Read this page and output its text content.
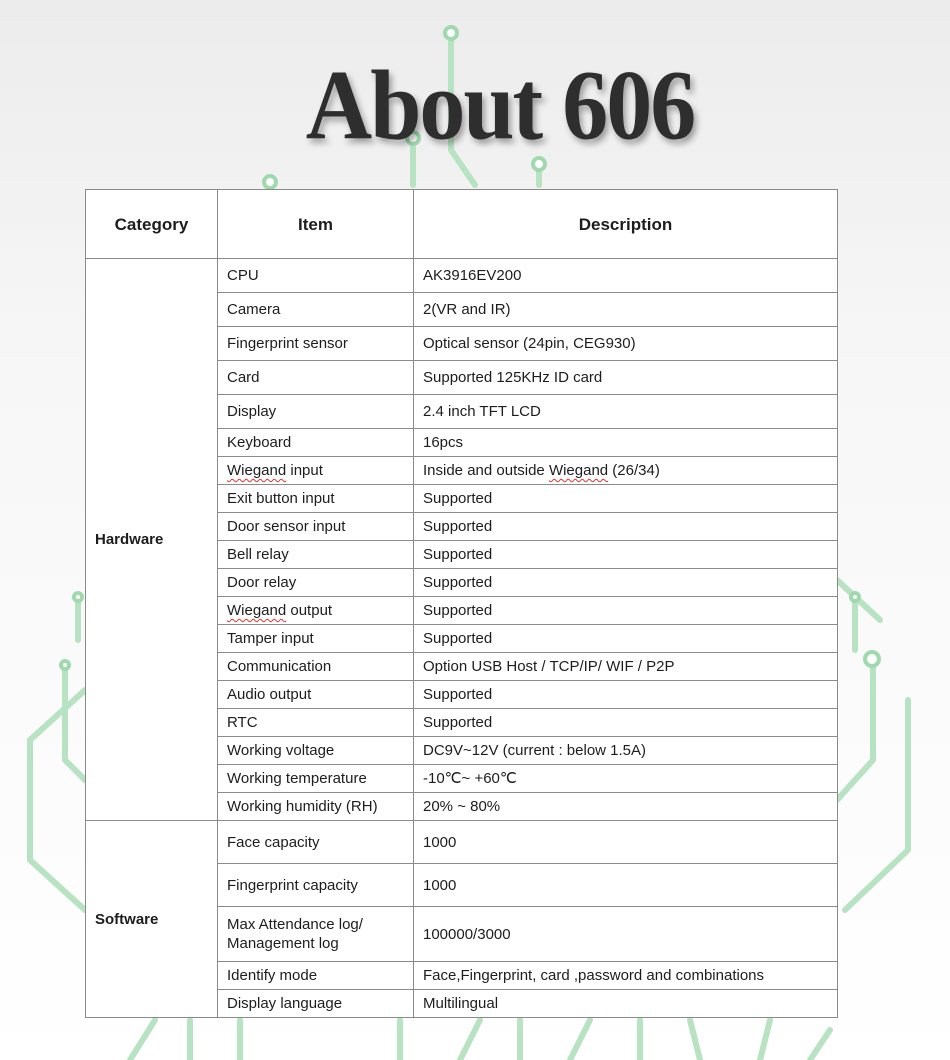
About 606
Category	Item	Description
Hardware	CPU	AK3916EV200
	Camera	2(VR and IR)
	Fingerprint sensor	Optical sensor (24pin, CEG930)
	Card	Supported 125KHz ID card
	Display	2.4 inch TFT LCD
	Keyboard	16pcs
	Wiegand input	Inside and outside Wiegand (26/34)
	Exit button input	Supported
	Door sensor input	Supported
	Bell relay	Supported
	Door relay	Supported
	Wiegand output	Supported
	Tamper input	Supported
	Communication	Option USB Host / TCP/IP/ WIF / P2P
	Audio output	Supported
	RTC	Supported
	Working voltage	DC9V~12V (current : below 1.5A)
	Working temperature	-10℃~ +60℃
	Working humidity (RH)	20% ~ 80%
Software	Face capacity	1000
	Fingerprint capacity	1000
	Max Attendance log/ Management log	100000/3000
	Identify mode	Face,Fingerprint, card ,password and combinations
	Display language	Multilingual
